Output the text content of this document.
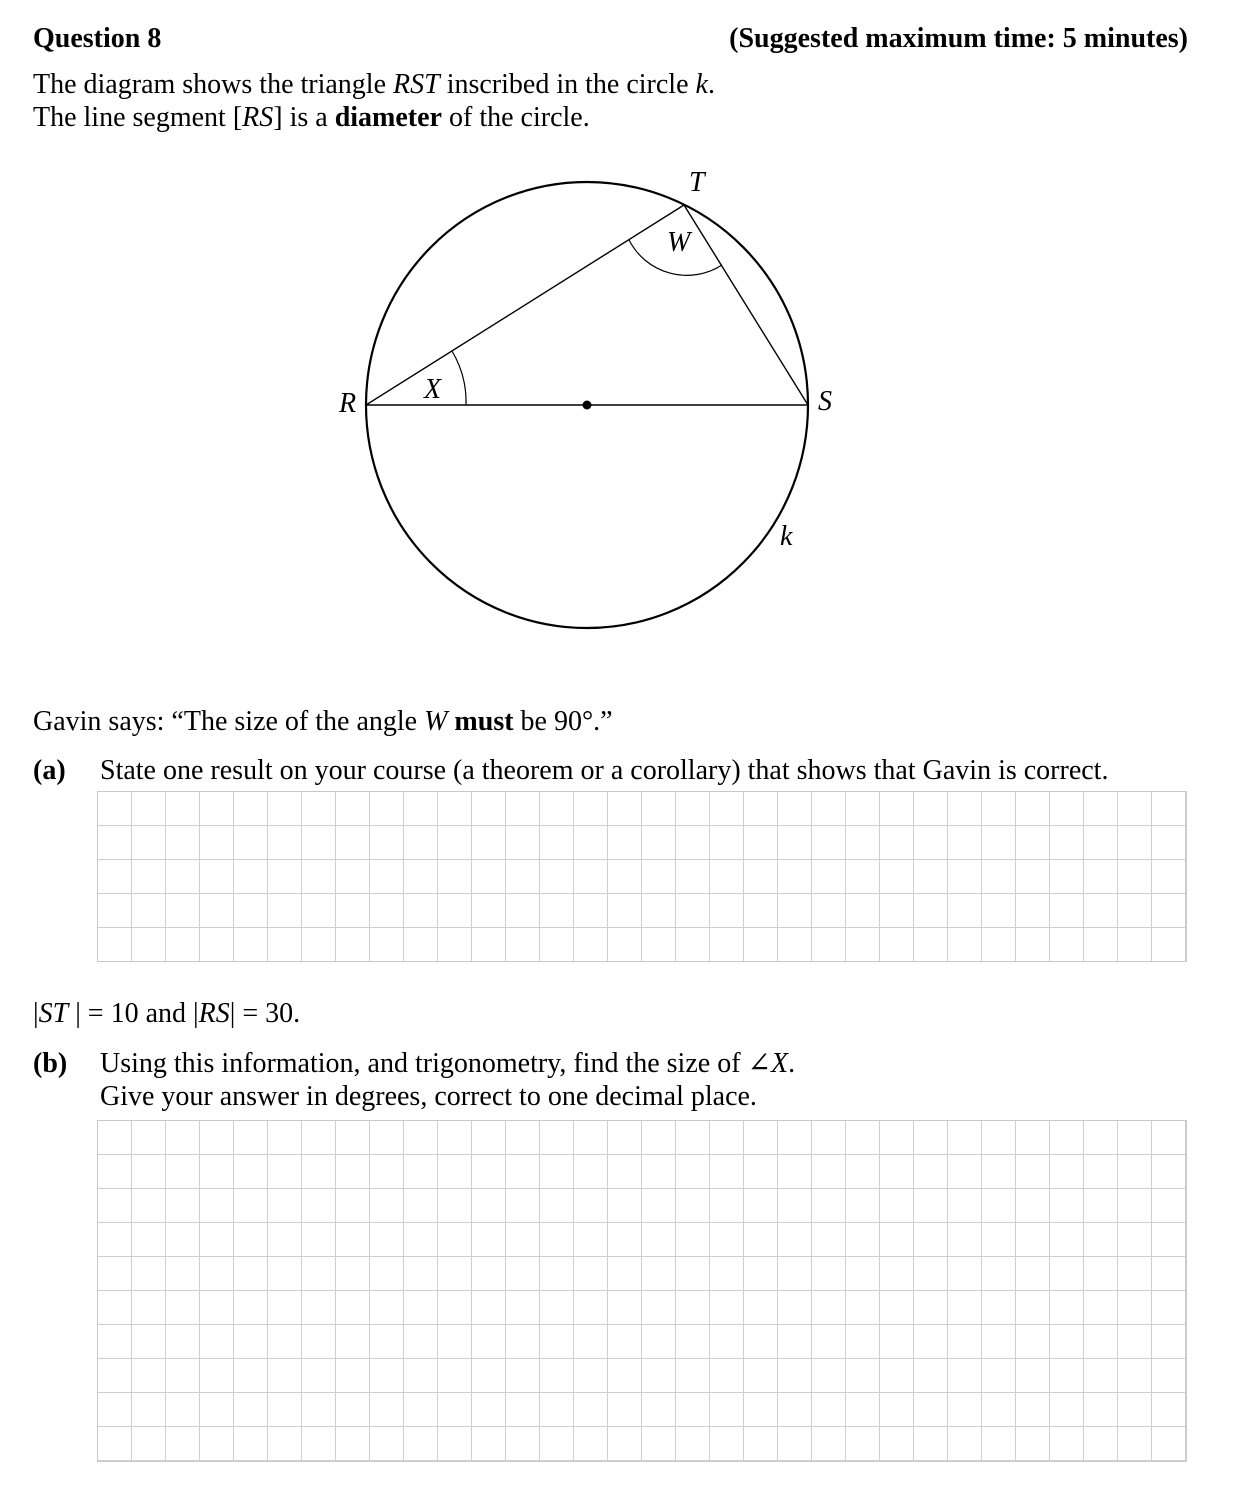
Question 8	(Suggested maximum time: 5 minutes)
The diagram shows the triangle RST inscribed in the circle k.
The line segment [RS] is a diameter of the circle.
R	S
T
W
X
k
Gavin says: “The size of the angle W must be 90°.”
(a) State one result on your course (a theorem or a corollary) that shows that Gavin is correct.
|ST | = 10 and |RS| = 30.
(b) Using this information, and trigonometry, find the size of ∠X.
Give your answer in degrees, correct to one decimal place.
